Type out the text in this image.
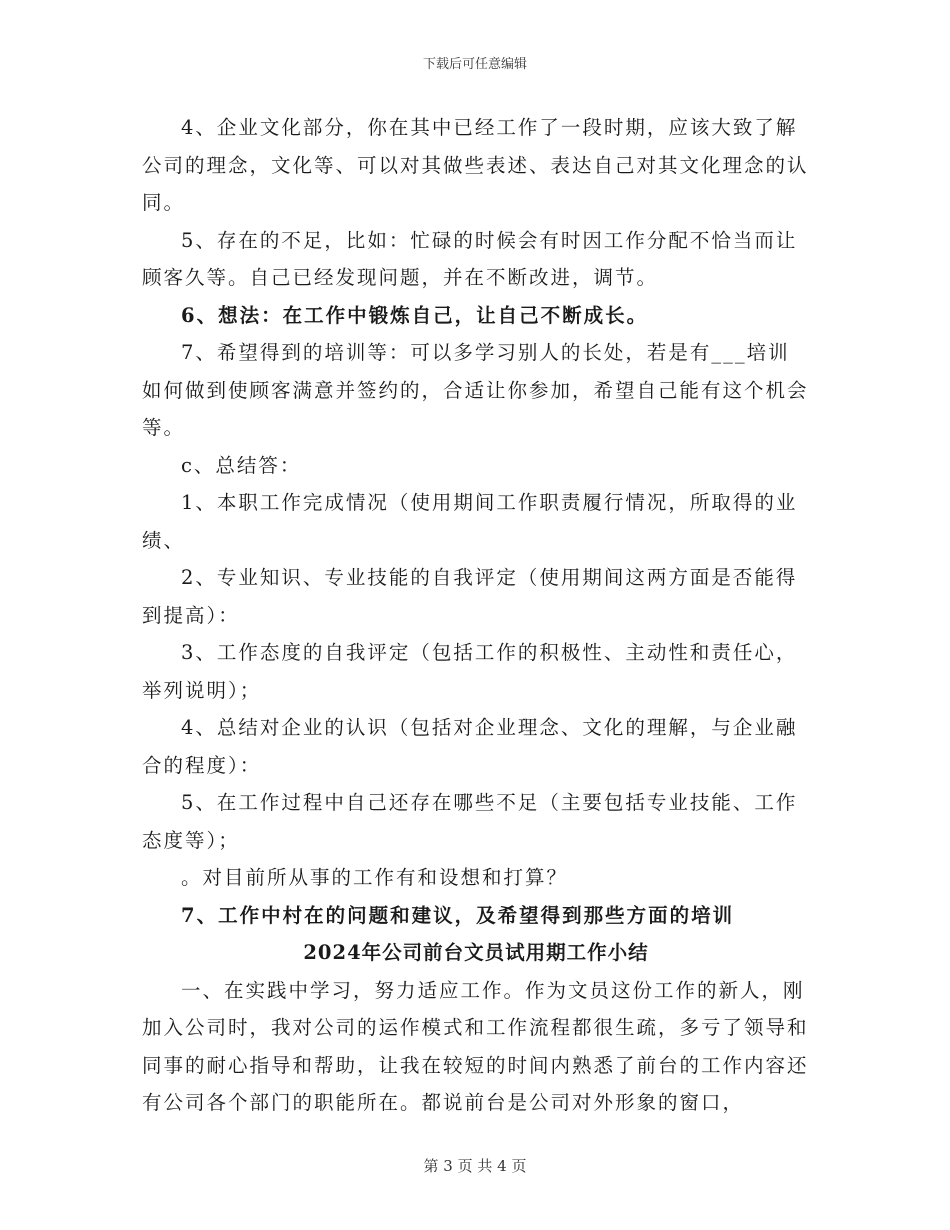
下载后可任意编辑

4、企业文化部分，你在其中已经工作了一段时期，应该大致了解公司的理念，文化等、可以对其做些表述、表达自己对其文化理念的认同。

5、存在的不足，比如：忙碌的时候会有时因工作分配不恰当而让顾客久等。自己已经发现问题，并在不断改进，调节。

6、想法：在工作中锻炼自己，让自己不断成长。

7、希望得到的培训等：可以多学习别人的长处，若是有___培训如何做到使顾客满意并签约的，合适让你参加，希望自己能有这个机会等。

c、总结答：

1、本职工作完成情况（使用期间工作职责履行情况，所取得的业绩、

2、专业知识、专业技能的自我评定（使用期间这两方面是否能得到提高）：

3、工作态度的自我评定（包括工作的积极性、主动性和责任心，举列说明）；

4、总结对企业的认识（包括对企业理念、文化的理解，与企业融合的程度）：

5、在工作过程中自己还存在哪些不足（主要包括专业技能、工作态度等）；

。对目前所从事的工作有和设想和打算？

7、工作中村在的问题和建议，及希望得到那些方面的培训

2024年公司前台文员试用期工作小结

一、在实践中学习，努力适应工作。作为文员这份工作的新人，刚加入公司时，我对公司的运作模式和工作流程都很生疏，多亏了领导和同事的耐心指导和帮助，让我在较短的时间内熟悉了前台的工作内容还有公司各个部门的职能所在。都说前台是公司对外形象的窗口，

第 3 页 共 4 页
